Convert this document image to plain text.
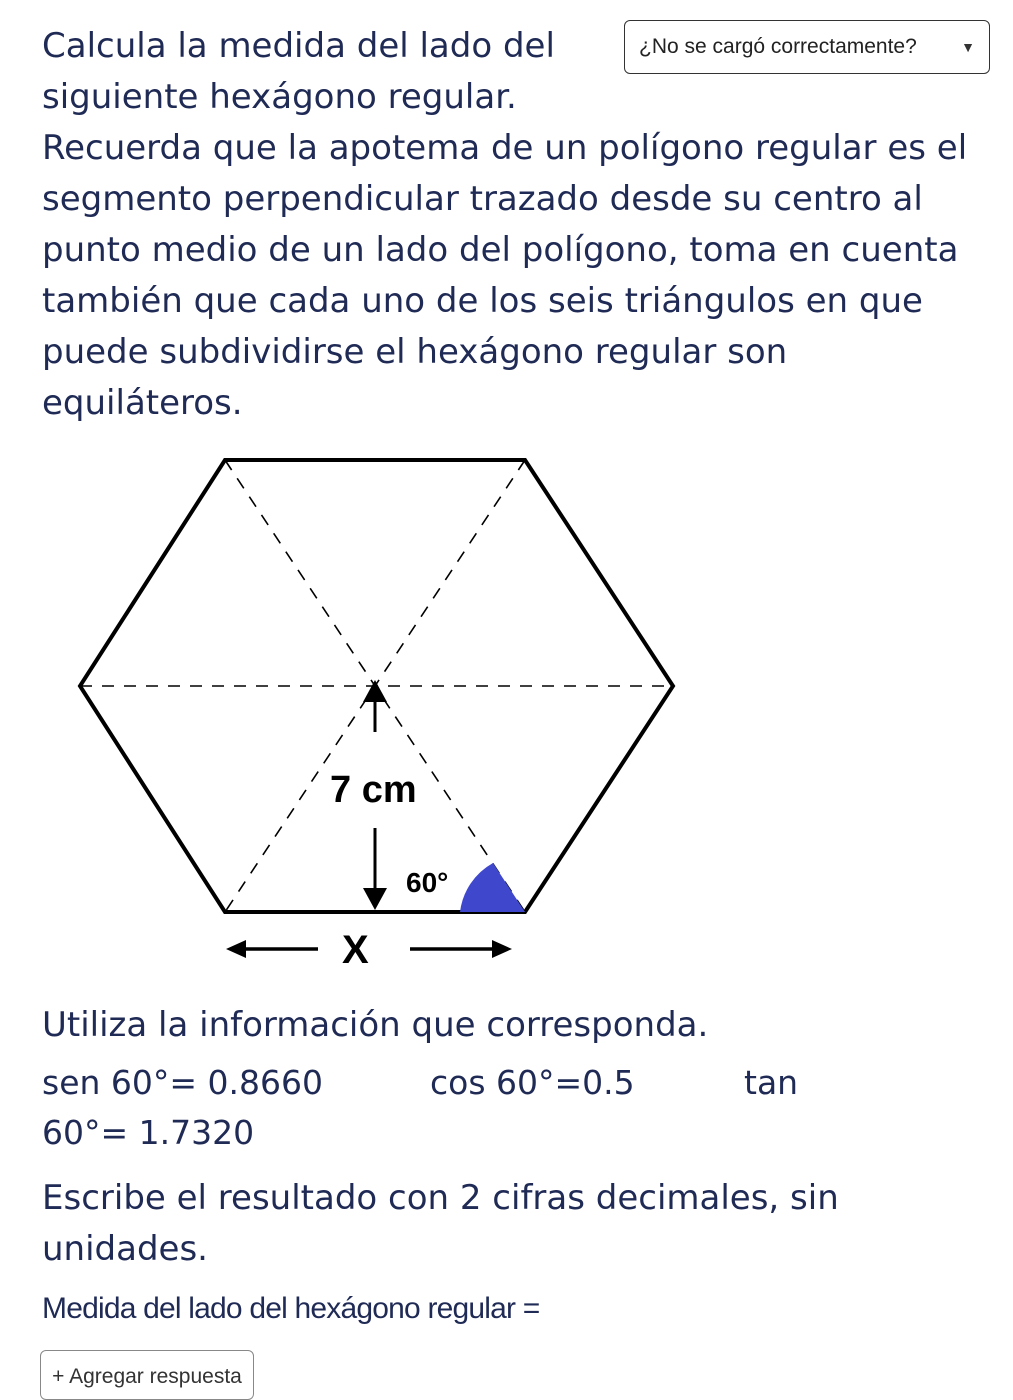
Calcula la medida del lado del siguiente hexágono regular.

¿No se cargó correctamente?	▼

Recuerda que la apotema de un polígono regular es el segmento perpendicular trazado desde su centro al punto medio de un lado del polígono, toma en cuenta también que cada uno de los seis triángulos en que puede subdividirse el hexágono regular son equiláteros.

7 cm
60°
X

Utiliza la información que corresponda.

sen 60°= 0.8660	cos 60°=0.5	tan
60°= 1.7320

Escribe el resultado con 2 cifras decimales, sin unidades.

Medida del lado del hexágono regular =
+ Agregar respuesta
